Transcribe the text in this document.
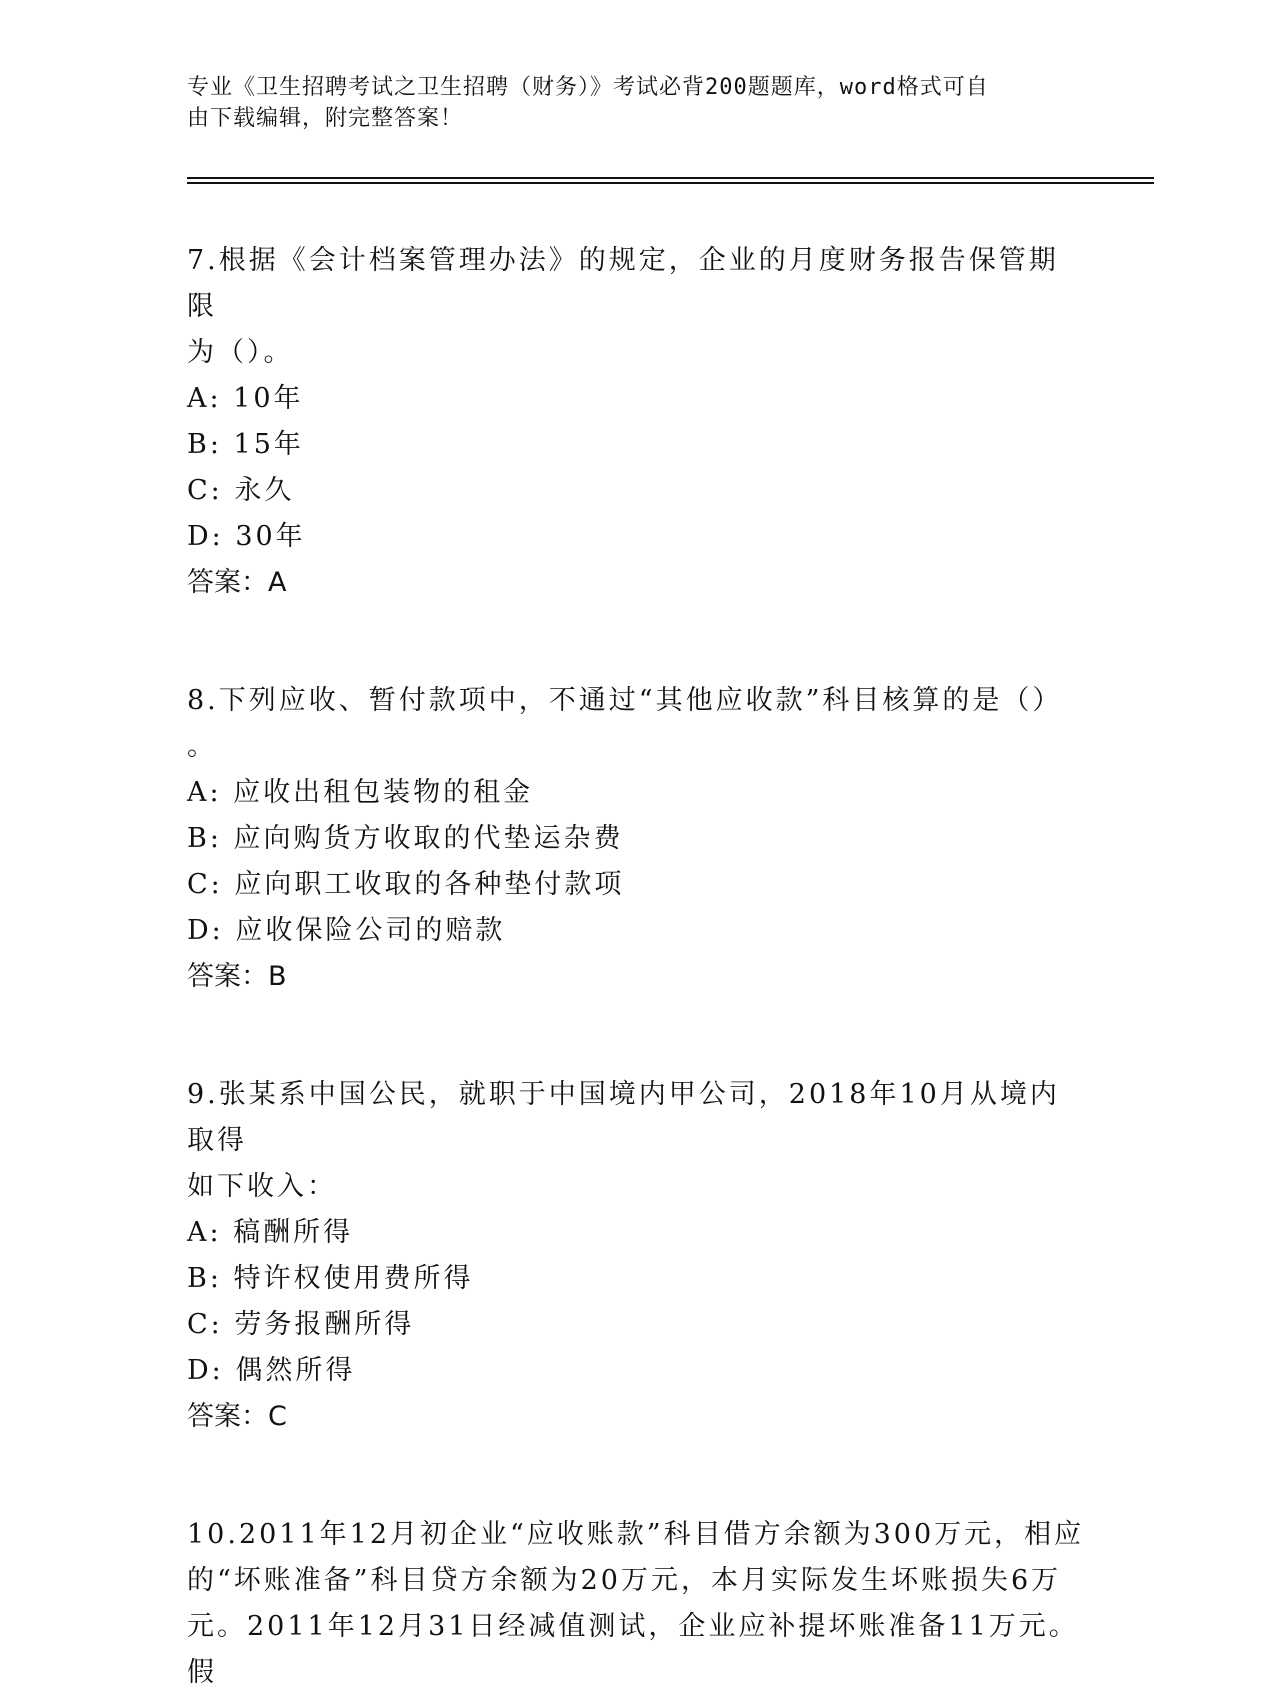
专业《卫生招聘考试之卫生招聘（财务）》考试必背200题题库，word格式可自
由下载编辑，附完整答案！

7.根据《会计档案管理办法》的规定，企业的月度财务报告保管期限

为（）。

A: 10年

B: 15年

C: 永久

D: 30年

答案：A

8.下列应收、暂付款项中，不通过“其他应收款”科目核算的是（）

。

A: 应收出租包装物的租金

B: 应向购货方收取的代垫运杂费

C: 应向职工收取的各种垫付款项

D: 应收保险公司的赔款

答案：B

9.张某系中国公民，就职于中国境内甲公司，2018年10月从境内取得

如下收入：

A: 稿酬所得

B: 特许权使用费所得

C: 劳务报酬所得

D: 偶然所得

答案：C

10.2011年12月初企业“应收账款”科目借方余额为300万元，相应

的“坏账准备”科目贷方余额为20万元，本月实际发生坏账损失6万

元。2011年12月31日经减值测试，企业应补提坏账准备11万元。假
